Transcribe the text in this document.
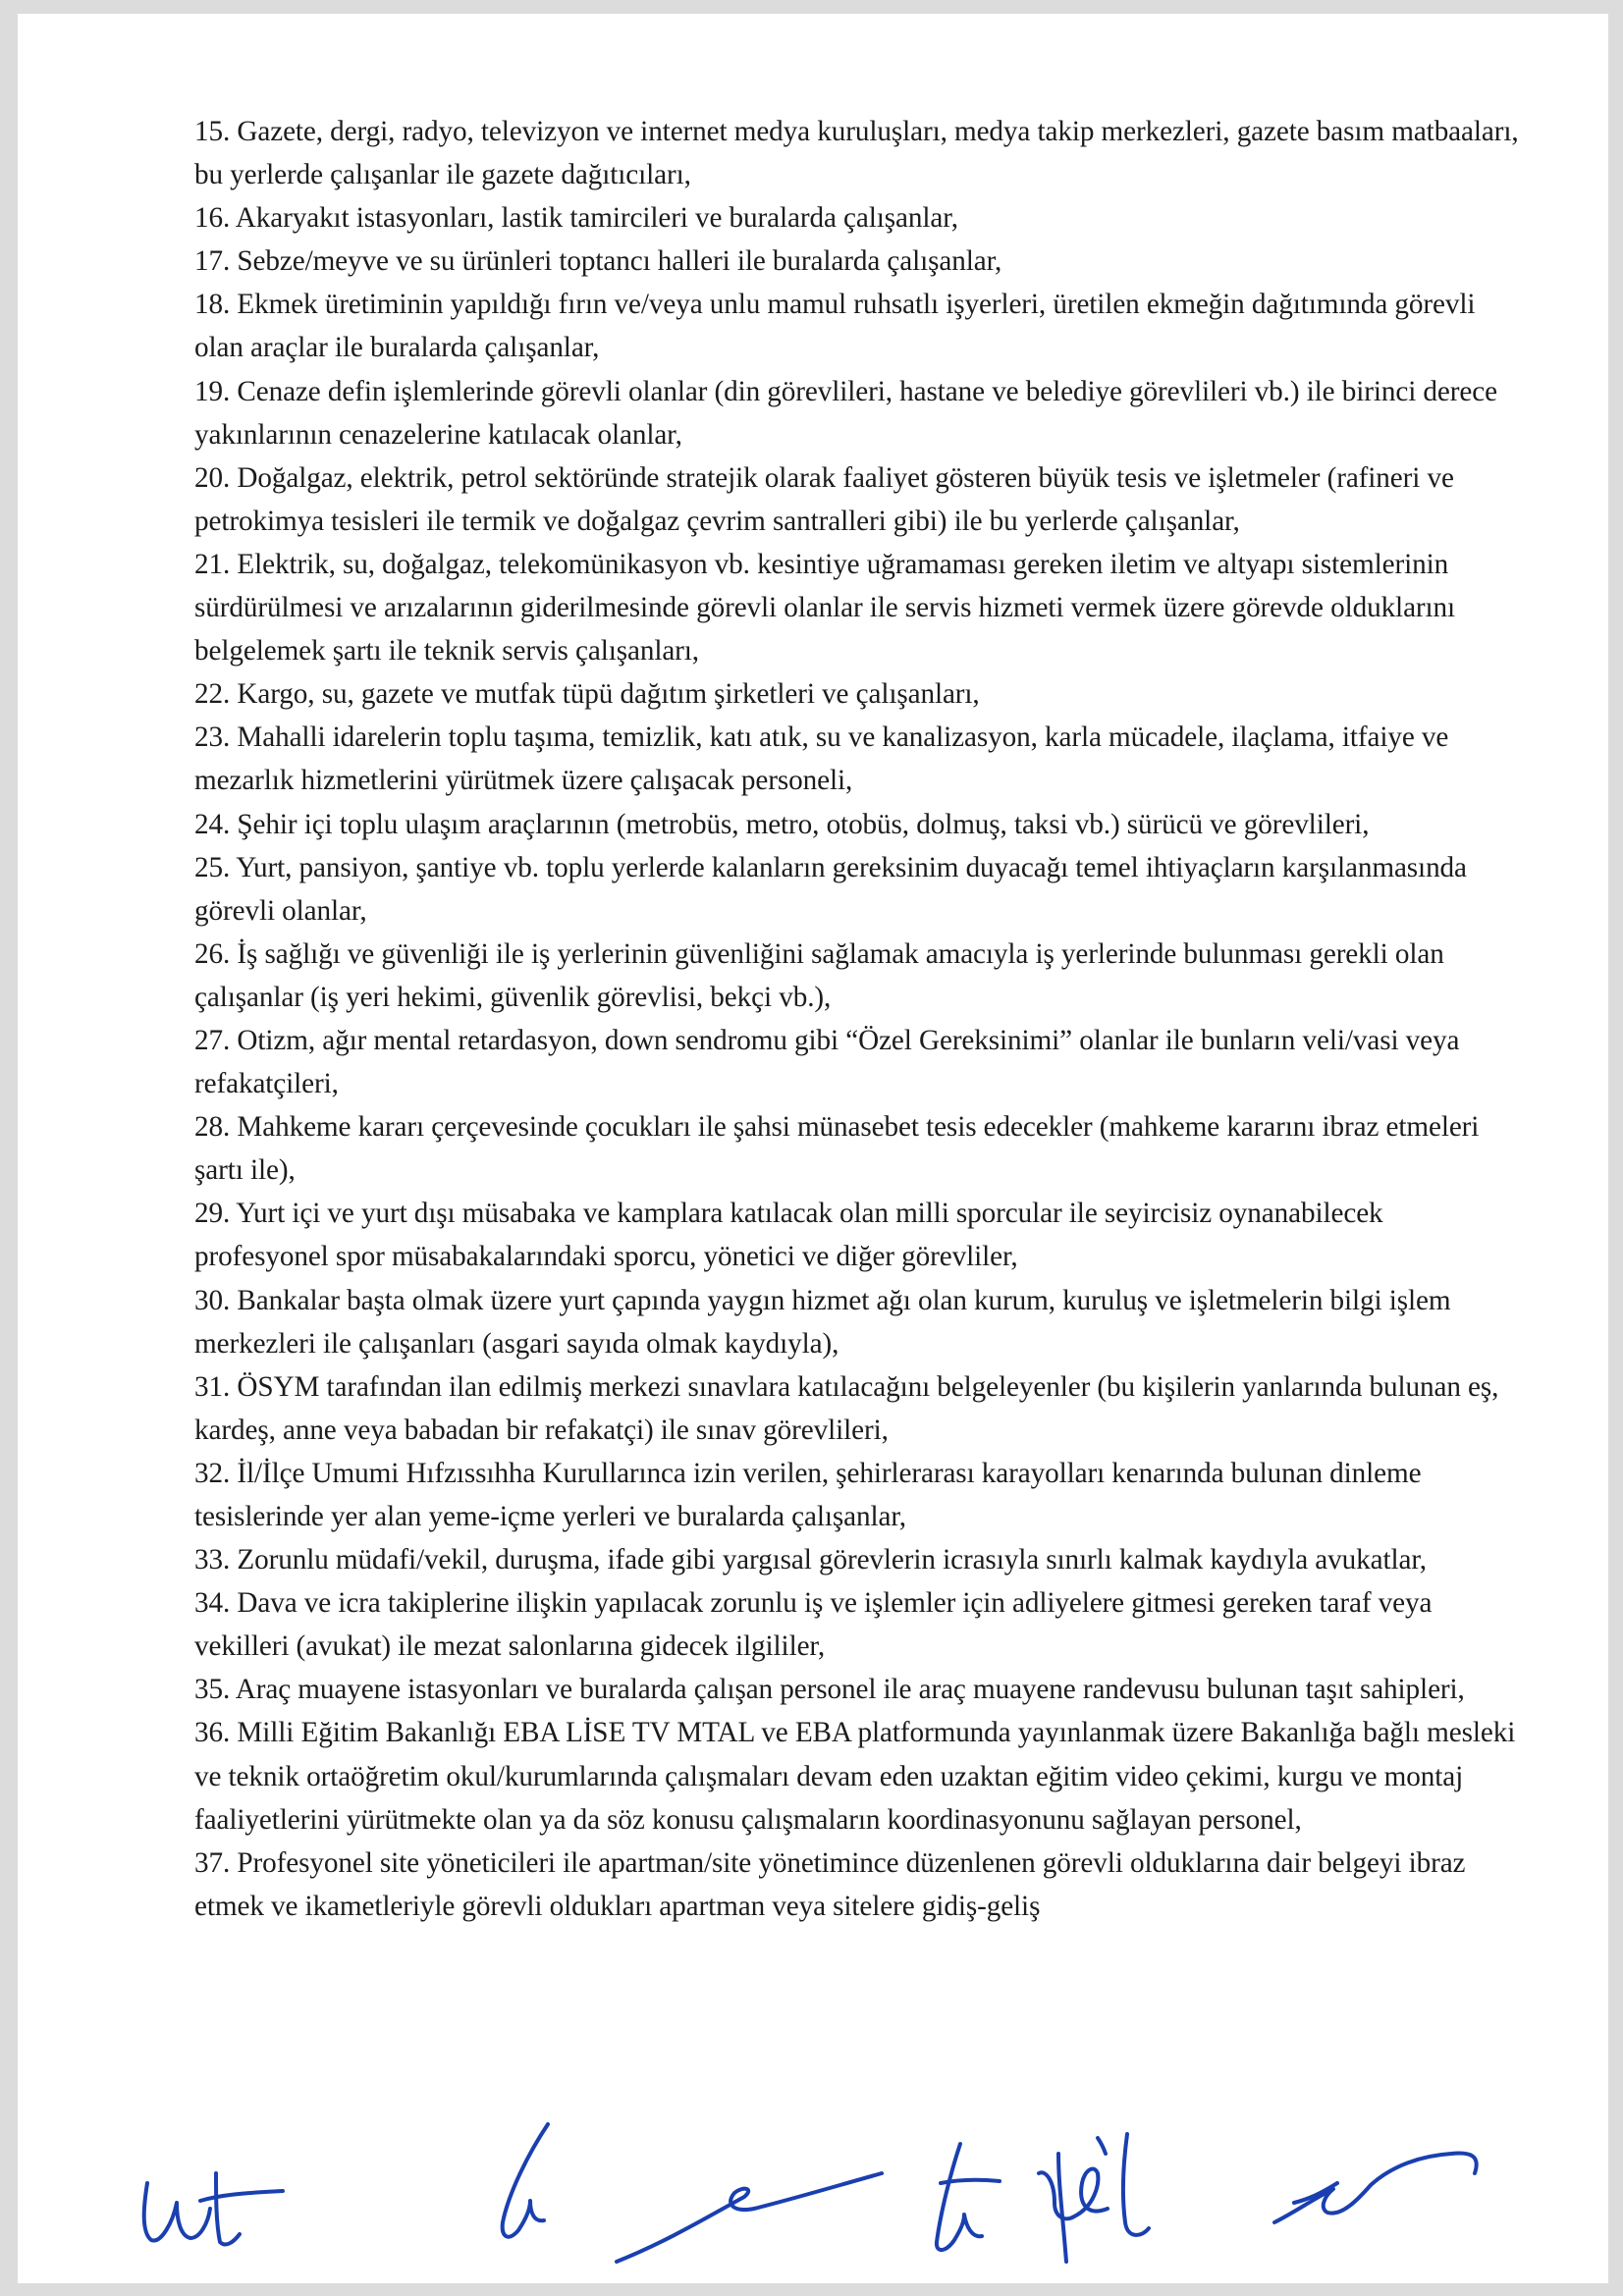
15. Gazete, dergi, radyo, televizyon ve internet medya kuruluşları, medya takip merkezleri, gazete basım matbaaları, bu yerlerde çalışanlar ile gazete dağıtıcıları,

16. Akaryakıt istasyonları, lastik tamircileri ve buralarda çalışanlar,

17. Sebze/meyve ve su ürünleri toptancı halleri ile buralarda çalışanlar,

18. Ekmek üretiminin yapıldığı fırın ve/veya unlu mamul ruhsatlı işyerleri, üretilen ekmeğin dağıtımında görevli olan araçlar ile buralarda çalışanlar,

19. Cenaze defin işlemlerinde görevli olanlar (din görevlileri, hastane ve belediye görevlileri vb.) ile birinci derece yakınlarının cenazelerine katılacak olanlar,

20. Doğalgaz, elektrik, petrol sektöründe stratejik olarak faaliyet gösteren büyük tesis ve işletmeler (rafineri ve petrokimya tesisleri ile termik ve doğalgaz çevrim santralleri gibi) ile bu yerlerde çalışanlar,

21. Elektrik, su, doğalgaz, telekomünikasyon vb. kesintiye uğramaması gereken iletim ve altyapı sistemlerinin sürdürülmesi ve arızalarının giderilmesinde görevli olanlar ile servis hizmeti vermek üzere görevde olduklarını belgelemek şartı ile teknik servis çalışanları,

22. Kargo, su, gazete ve mutfak tüpü dağıtım şirketleri ve çalışanları,

23. Mahalli idarelerin toplu taşıma, temizlik, katı atık, su ve kanalizasyon, karla mücadele, ilaçlama, itfaiye ve mezarlık hizmetlerini yürütmek üzere çalışacak personeli,

24. Şehir içi toplu ulaşım araçlarının (metrobüs, metro, otobüs, dolmuş, taksi vb.) sürücü ve görevlileri,

25. Yurt, pansiyon, şantiye vb. toplu yerlerde kalanların gereksinim duyacağı temel ihtiyaçların karşılanmasında görevli olanlar,

26. İş sağlığı ve güvenliği ile iş yerlerinin güvenliğini sağlamak amacıyla iş yerlerinde bulunması gerekli olan çalışanlar (iş yeri hekimi, güvenlik görevlisi, bekçi vb.),

27. Otizm, ağır mental retardasyon, down sendromu gibi “Özel Gereksinimi” olanlar ile bunların veli/vasi veya refakatçileri,

28. Mahkeme kararı çerçevesinde çocukları ile şahsi münasebet tesis edecekler (mahkeme kararını ibraz etmeleri şartı ile),

29. Yurt içi ve yurt dışı müsabaka ve kamplara katılacak olan milli sporcular ile seyircisiz oynanabilecek profesyonel spor müsabakalarındaki sporcu, yönetici ve diğer görevliler,

30. Bankalar başta olmak üzere yurt çapında yaygın hizmet ağı olan kurum, kuruluş ve işletmelerin bilgi işlem merkezleri ile çalışanları (asgari sayıda olmak kaydıyla),

31. ÖSYM tarafından ilan edilmiş merkezi sınavlara katılacağını belgeleyenler (bu kişilerin yanlarında bulunan eş, kardeş, anne veya babadan bir refakatçi) ile sınav görevlileri,

32. İl/İlçe Umumi Hıfzıssıhha Kurullarınca izin verilen, şehirlerarası karayolları kenarında bulunan dinleme tesislerinde yer alan yeme-içme yerleri ve buralarda çalışanlar,

33. Zorunlu müdafi/vekil, duruşma, ifade gibi yargısal görevlerin icrasıyla sınırlı kalmak kaydıyla avukatlar,

34. Dava ve icra takiplerine ilişkin yapılacak zorunlu iş ve işlemler için adliyelere gitmesi gereken taraf veya vekilleri (avukat) ile mezat salonlarına gidecek ilgililer,

35. Araç muayene istasyonları ve buralarda çalışan personel ile araç muayene randevusu bulunan taşıt sahipleri,

36. Milli Eğitim Bakanlığı EBA LİSE TV MTAL ve EBA platformunda yayınlanmak üzere Bakanlığa bağlı mesleki ve teknik ortaöğretim okul/kurumlarında çalışmaları devam eden uzaktan eğitim video çekimi, kurgu ve montaj faaliyetlerini yürütmekte olan ya da söz konusu çalışmaların koordinasyonunu sağlayan personel,

37. Profesyonel site yöneticileri ile apartman/site yönetimince düzenlenen görevli olduklarına dair belgeyi ibraz etmek ve ikametleriyle görevli oldukları apartman veya sitelere gidiş-geliş
